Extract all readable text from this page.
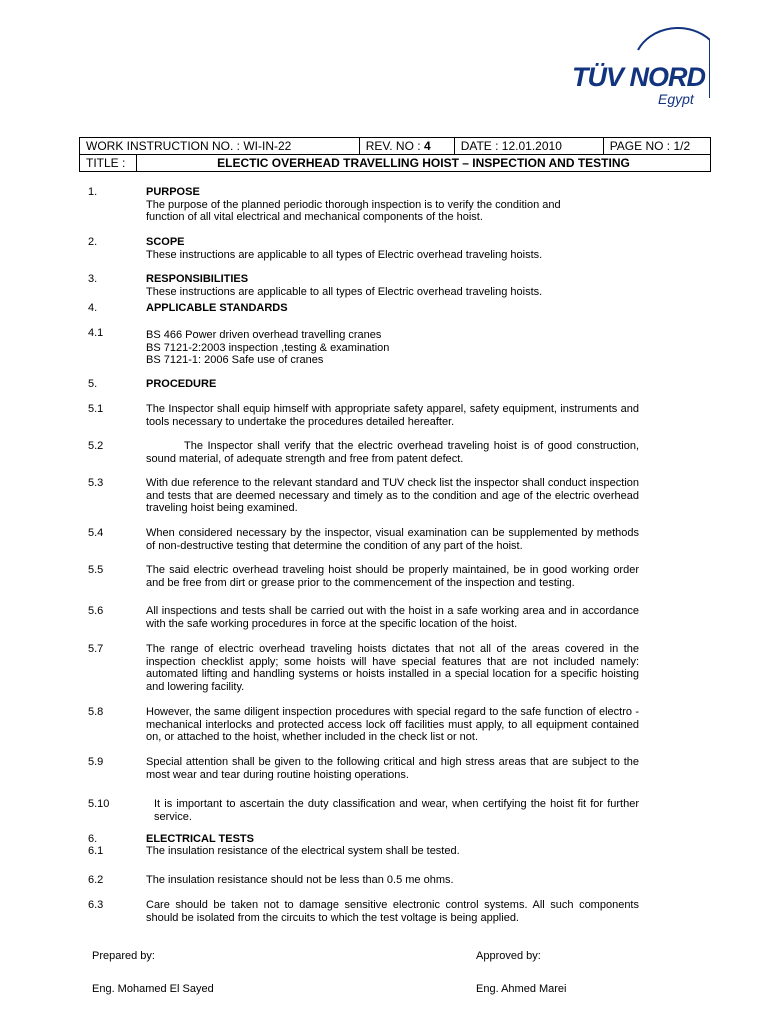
TÜV NORD
Egypt
WORK INSTRUCTION NO. : WI-IN-22		REV. NO : 4	DATE : 12.01.2010	PAGE NO : 1/2
TITLE :	ELECTIC OVERHEAD TRAVELLING HOIST – INSPECTION AND TESTING			
1.	PURPOSE
The purpose of the planned periodic thorough inspection is to verify the condition and
function of all vital electrical and mechanical components of the hoist.
2.	SCOPE
These instructions are applicable to all types of Electric overhead traveling hoists.
3.	RESPONSIBILITIES
These instructions are applicable to all types of Electric overhead traveling hoists.
4.	APPLICABLE STANDARDS
4.1	BS 466 Power driven overhead travelling cranes
BS 7121-2:2003 inspection ,testing & examination
BS 7121-1: 2006 Safe use of cranes
5.	PROCEDURE
5.1	The Inspector shall equip himself with appropriate safety apparel, safety equipment, instruments and tools necessary to undertake the procedures detailed hereafter.
5.2	The Inspector shall verify that the electric overhead traveling hoist is of good construction, sound material, of adequate strength and free from patent defect.
5.3	With due reference to the relevant standard and TUV check list the inspector shall conduct inspection and tests that are deemed necessary and timely as to the condition and age of the electric overhead traveling hoist being examined.
5.4	When considered necessary by the inspector, visual examination can be supplemented by methods of non-destructive testing that determine the condition of any part of the hoist.
5.5	The said electric overhead traveling hoist should be properly maintained, be in good working order and be free from dirt or grease prior to the commencement of the inspection and testing.
5.6	All inspections and tests shall be carried out with the hoist in a safe working area and in accordance with the safe working procedures in force at the specific location of the hoist.
5.7	The range of electric overhead traveling hoists dictates that not all of the areas covered in the inspection checklist apply; some hoists will have special features that are not included namely: automated lifting and handling systems or hoists installed in a special location for a specific hoisting and lowering facility.
5.8	However, the same diligent inspection procedures with special regard to the safe function of electro - mechanical interlocks and protected access lock off facilities must apply, to all equipment contained on, or attached to the hoist, whether included in the check list or not.
5.9	Special attention shall be given to the following critical and high stress areas that are subject to the most wear and tear during routine hoisting operations.
5.10	It is important to ascertain the duty classification and wear, when certifying the hoist fit for further service.
6.	ELECTRICAL TESTS
6.1	The insulation resistance of the electrical system shall be tested.
6.2	The insulation resistance should not be less than 0.5 me ohms.
6.3	Care should be taken not to damage sensitive electronic control systems. All such components should be isolated from the circuits to which the test voltage is being applied.
Prepared by:
Eng. Mohamed El Sayed
Approved by:
Eng. Ahmed Marei
